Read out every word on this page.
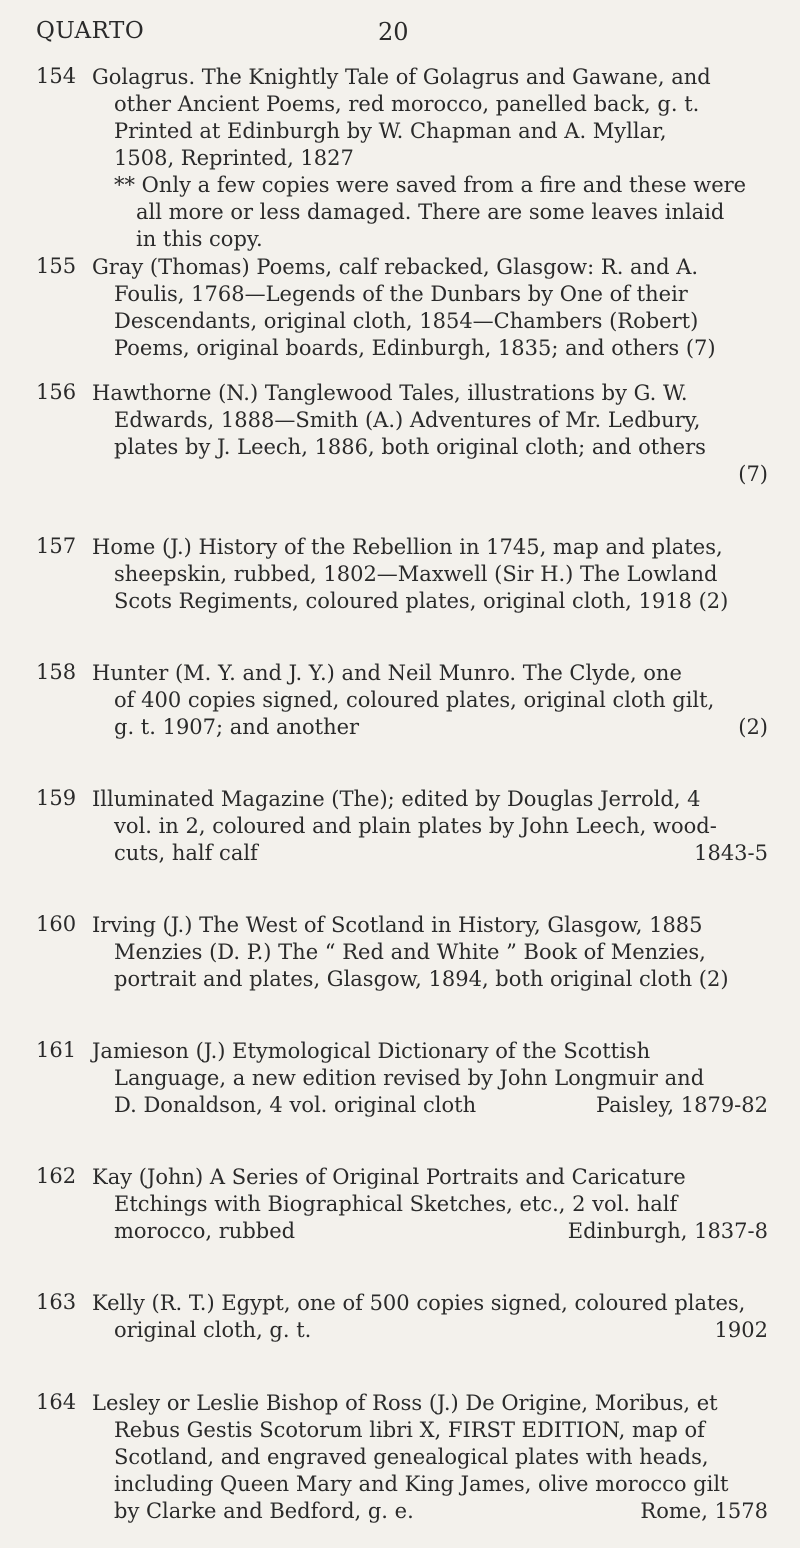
QUARTO	20
154 Golagrus. The Knightly Tale of Golagrus and Gawane, and
other Ancient Poems, red morocco, panelled back, g. t.
Printed at Edinburgh by W. Chapman and A. Myllar,
1508, Reprinted, 1827
** Only a few copies were saved from a fire and these were
all more or less damaged. There are some leaves inlaid
in this copy.
155 Gray (Thomas) Poems, calf rebacked, Glasgow: R. and A.
Foulis, 1768—Legends of the Dunbars by One of their
Descendants, original cloth, 1854—Chambers (Robert)
Poems, original boards, Edinburgh, 1835; and others (7)
156 Hawthorne (N.) Tanglewood Tales, illustrations by G. W.
Edwards, 1888—Smith (A.) Adventures of Mr. Ledbury,
plates by J. Leech, 1886, both original cloth; and others
(7)
157 Home (J.) History of the Rebellion in 1745, map and plates,
sheepskin, rubbed, 1802—Maxwell (Sir H.) The Lowland
Scots Regiments, coloured plates, original cloth, 1918 (2)
158 Hunter (M. Y. and J. Y.) and Neil Munro. The Clyde, one
of 400 copies signed, coloured plates, original cloth gilt,
g. t. 1907; and another	(2)
159 Illuminated Magazine (The); edited by Douglas Jerrold, 4
vol. in 2, coloured and plain plates by John Leech, wood-
cuts, half calf	1843-5
160 Irving (J.) The West of Scotland in History, Glasgow, 1885
Menzies (D. P.) The “ Red and White ” Book of Menzies,
portrait and plates, Glasgow, 1894, both original cloth (2)
161 Jamieson (J.) Etymological Dictionary of the Scottish
Language, a new edition revised by John Longmuir and
D. Donaldson, 4 vol. original cloth	Paisley, 1879-82
162 Kay (John) A Series of Original Portraits and Caricature
Etchings with Biographical Sketches, etc., 2 vol. half
morocco, rubbed	Edinburgh, 1837-8
163 Kelly (R. T.) Egypt, one of 500 copies signed, coloured plates,
original cloth, g. t.	1902
164 Lesley or Leslie Bishop of Ross (J.) De Origine, Moribus, et
Rebus Gestis Scotorum libri X, FIRST EDITION, map of
Scotland, and engraved genealogical plates with heads,
including Queen Mary and King James, olive morocco gilt
by Clarke and Bedford, g. e.	Rome, 1578
